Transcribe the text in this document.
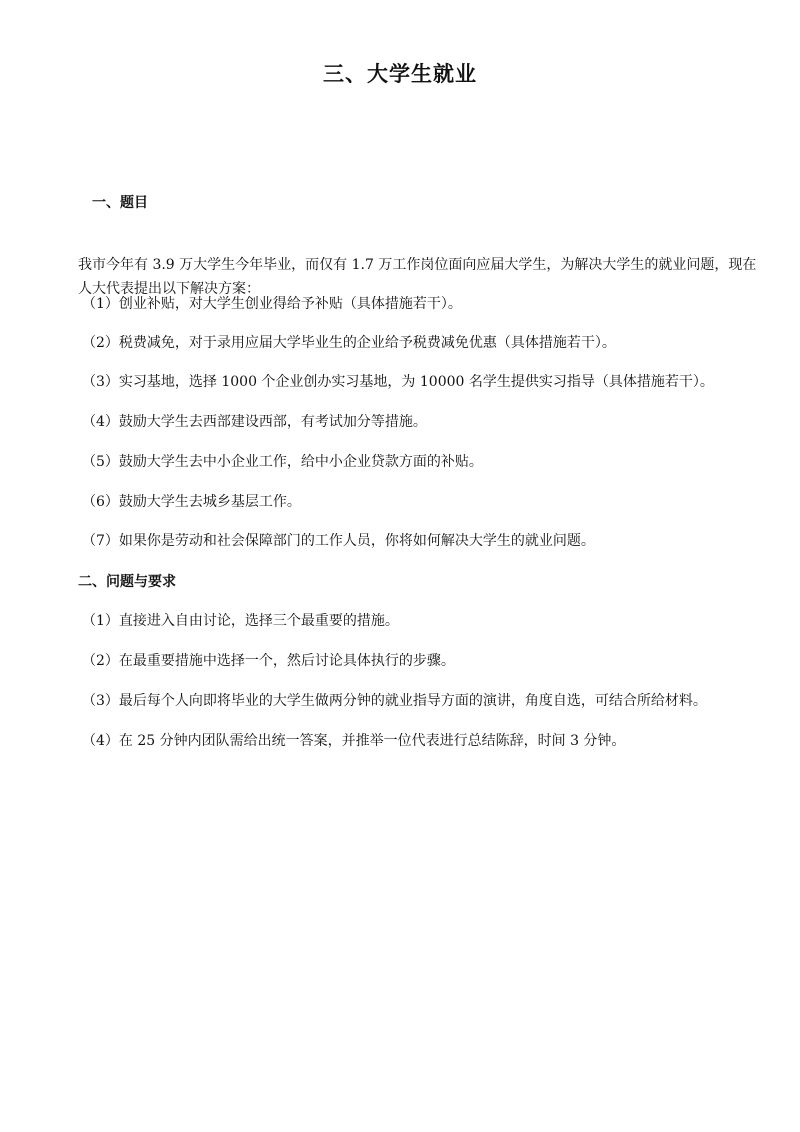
三、大学生就业
一、题目

我市今年有 3.9 万大学生今年毕业，而仅有 1.7 万工作岗位面向应届大学生，为解决大学生的就业问题，现在人大代表提出以下解决方案：

（1）创业补贴，对大学生创业得给予补贴（具体措施若干）。

（2）税费减免，对于录用应届大学毕业生的企业给予税费减免优惠（具体措施若干）。

（3）实习基地，选择 1000 个企业创办实习基地，为 10000 名学生提供实习指导（具体措施若干）。

（4）鼓励大学生去西部建设西部，有考试加分等措施。

（5）鼓励大学生去中小企业工作，给中小企业贷款方面的补贴。

（6）鼓励大学生去城乡基层工作。

（7）如果你是劳动和社会保障部门的工作人员，你将如何解决大学生的就业问题。

二、问题与要求

（1）直接进入自由讨论，选择三个最重要的措施。

（2）在最重要措施中选择一个，然后讨论具体执行的步骤。

（3）最后每个人向即将毕业的大学生做两分钟的就业指导方面的演讲，角度自选，可结合所给材料。

（4）在 25 分钟内团队需给出统一答案，并推举一位代表进行总结陈辞，时间 3 分钟。
